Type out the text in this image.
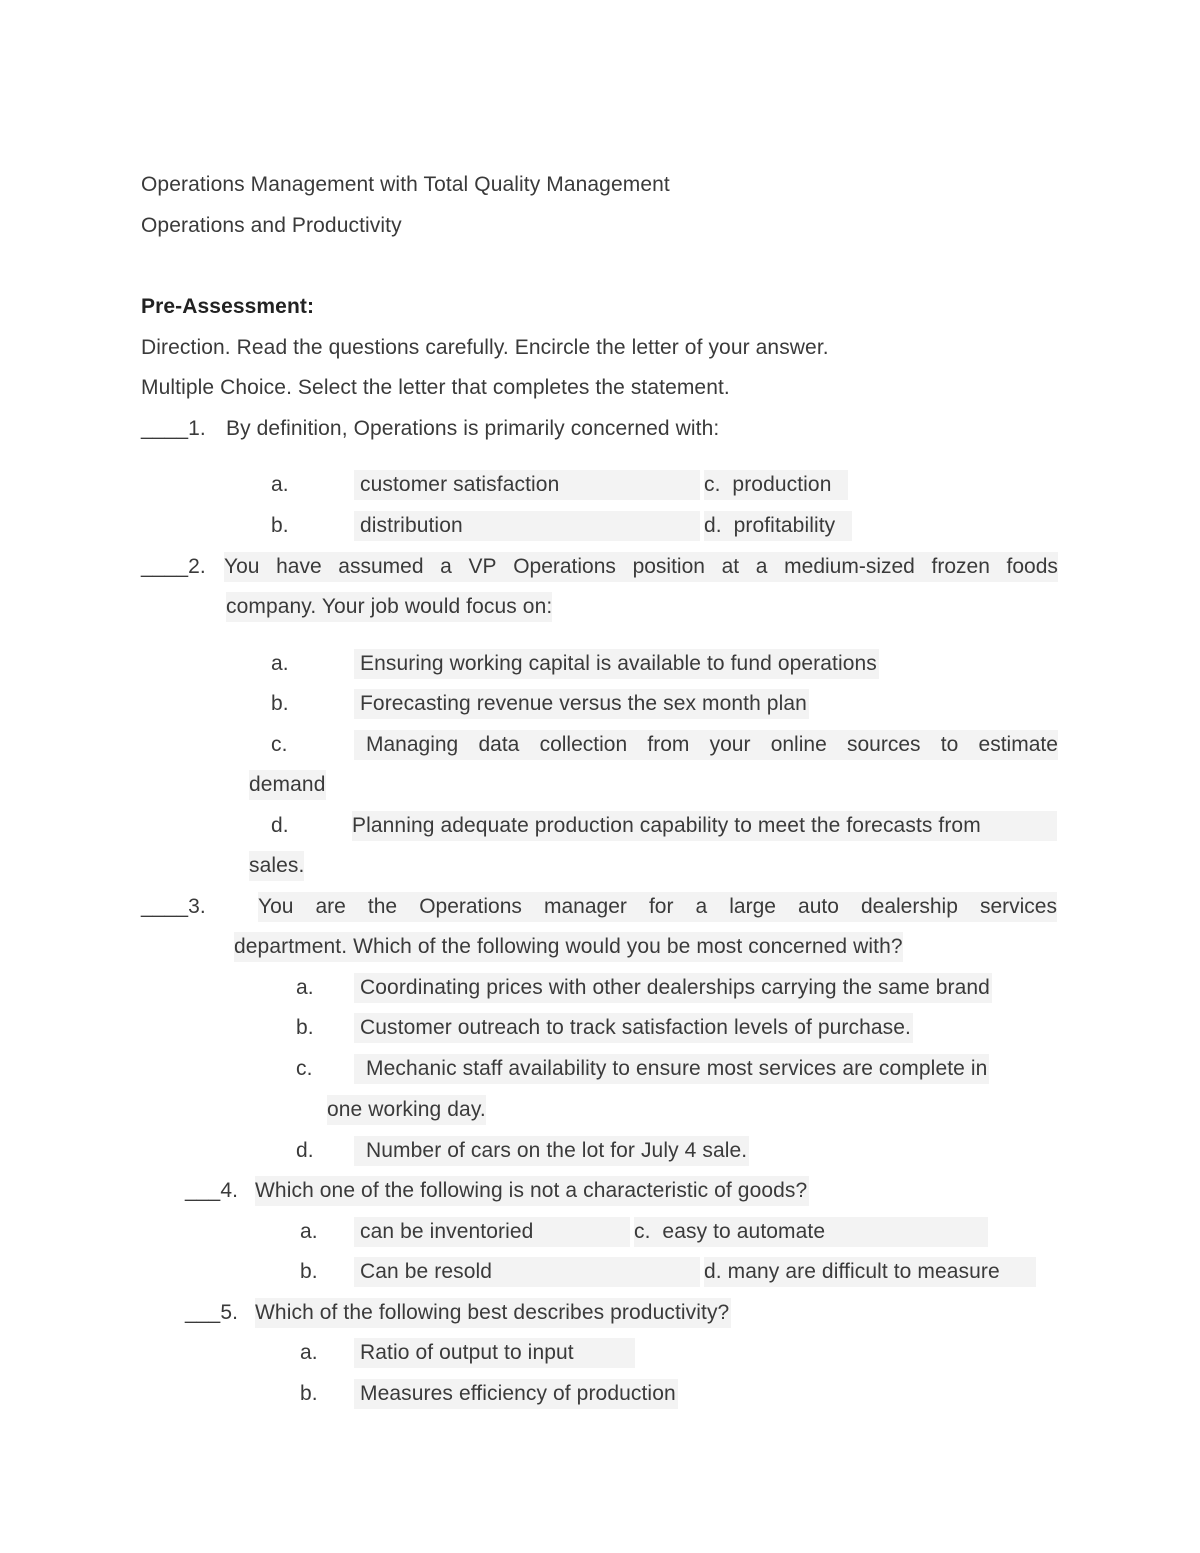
Operations Management with Total Quality Management
Operations and Productivity
Pre-Assessment:
Direction. Read the questions carefully. Encircle the letter of your answer.
Multiple Choice. Select the letter that completes the statement.
____1. By definition, Operations is primarily concerned with:
a.	customer satisfaction	c. production
b.	distribution	d. profitability
____2. You have assumed a VP Operations position at a medium-sized frozen foods
company. Your job would focus on:
a.	Ensuring working capital is available to fund operations
b.	Forecasting revenue versus the sex month plan
c.	Managing data collection from your online sources to estimate
demand
d.	Planning adequate production capability to meet the forecasts from
sales.
____3. You are the Operations manager for a large auto dealership services
department. Which of the following would you be most concerned with?
a. Coordinating prices with other dealerships carrying the same brand
b. Customer outreach to track satisfaction levels of purchase.
c.	Mechanic staff availability to ensure most services are complete in
one working day.
d.	Number of cars on the lot for July 4 sale.
___4. Which one of the following is not a characteristic of goods?
a. can be inventoried	c. easy to automate
b. Can be resold	d. many are difficult to measure
___5. Which of the following best describes productivity?
a. Ratio of output to input
b. Measures efficiency of production
